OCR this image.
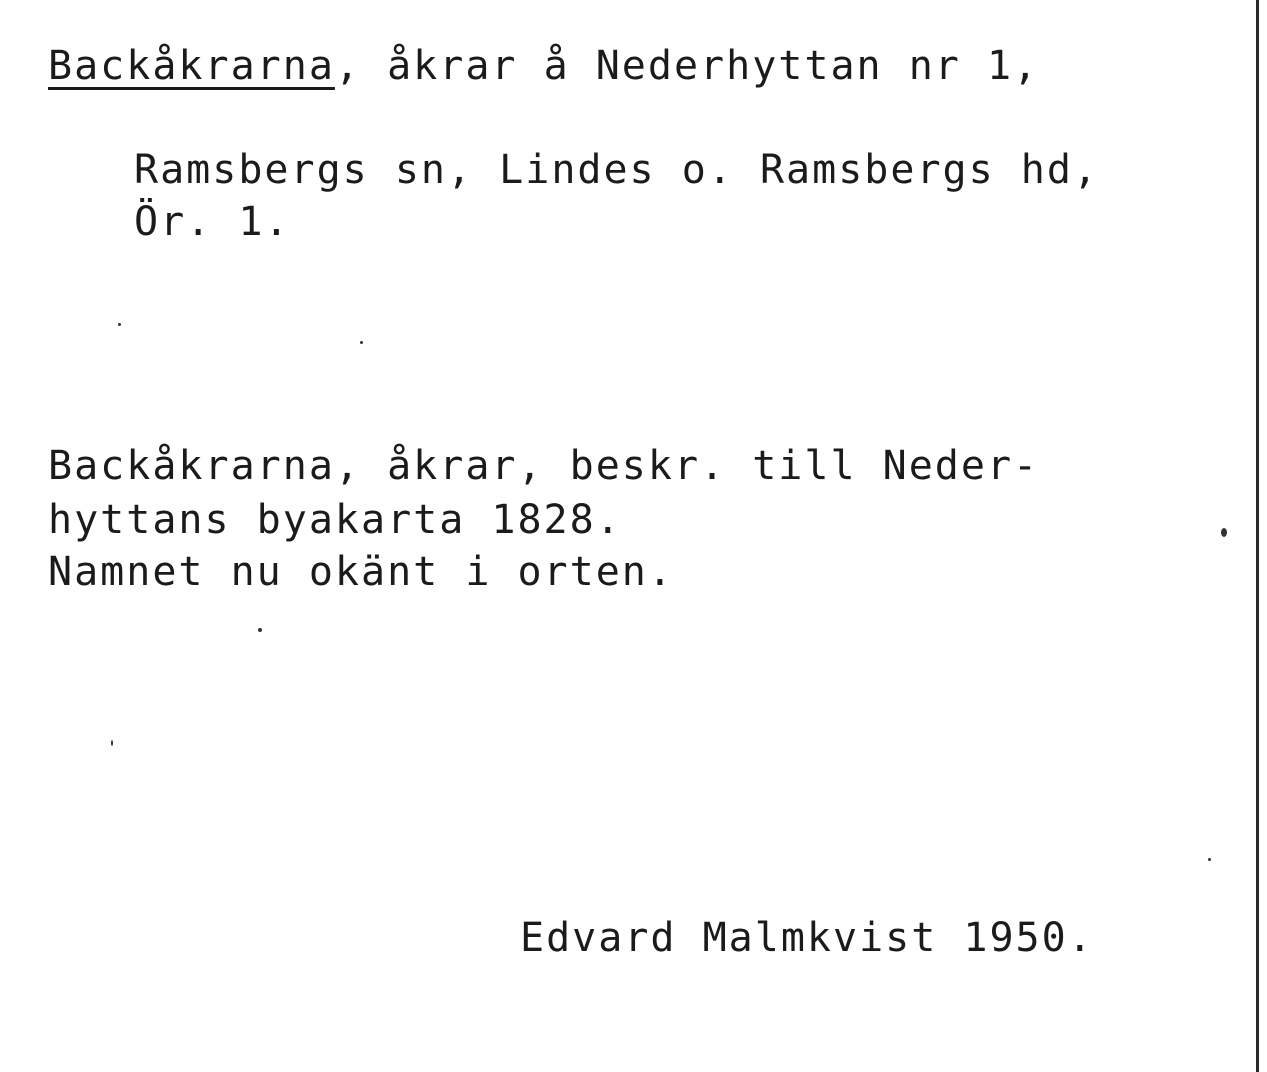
Backåkrarna, åkrar å Nederhyttan nr 1,
Ramsbergs sn, Lindes o. Ramsbergs hd,
Ör. 1.
Backåkrarna, åkrar, beskr. till Neder-
hyttans byakarta 1828.
Namnet nu okänt i orten.
Edvard Malmkvist 1950.
